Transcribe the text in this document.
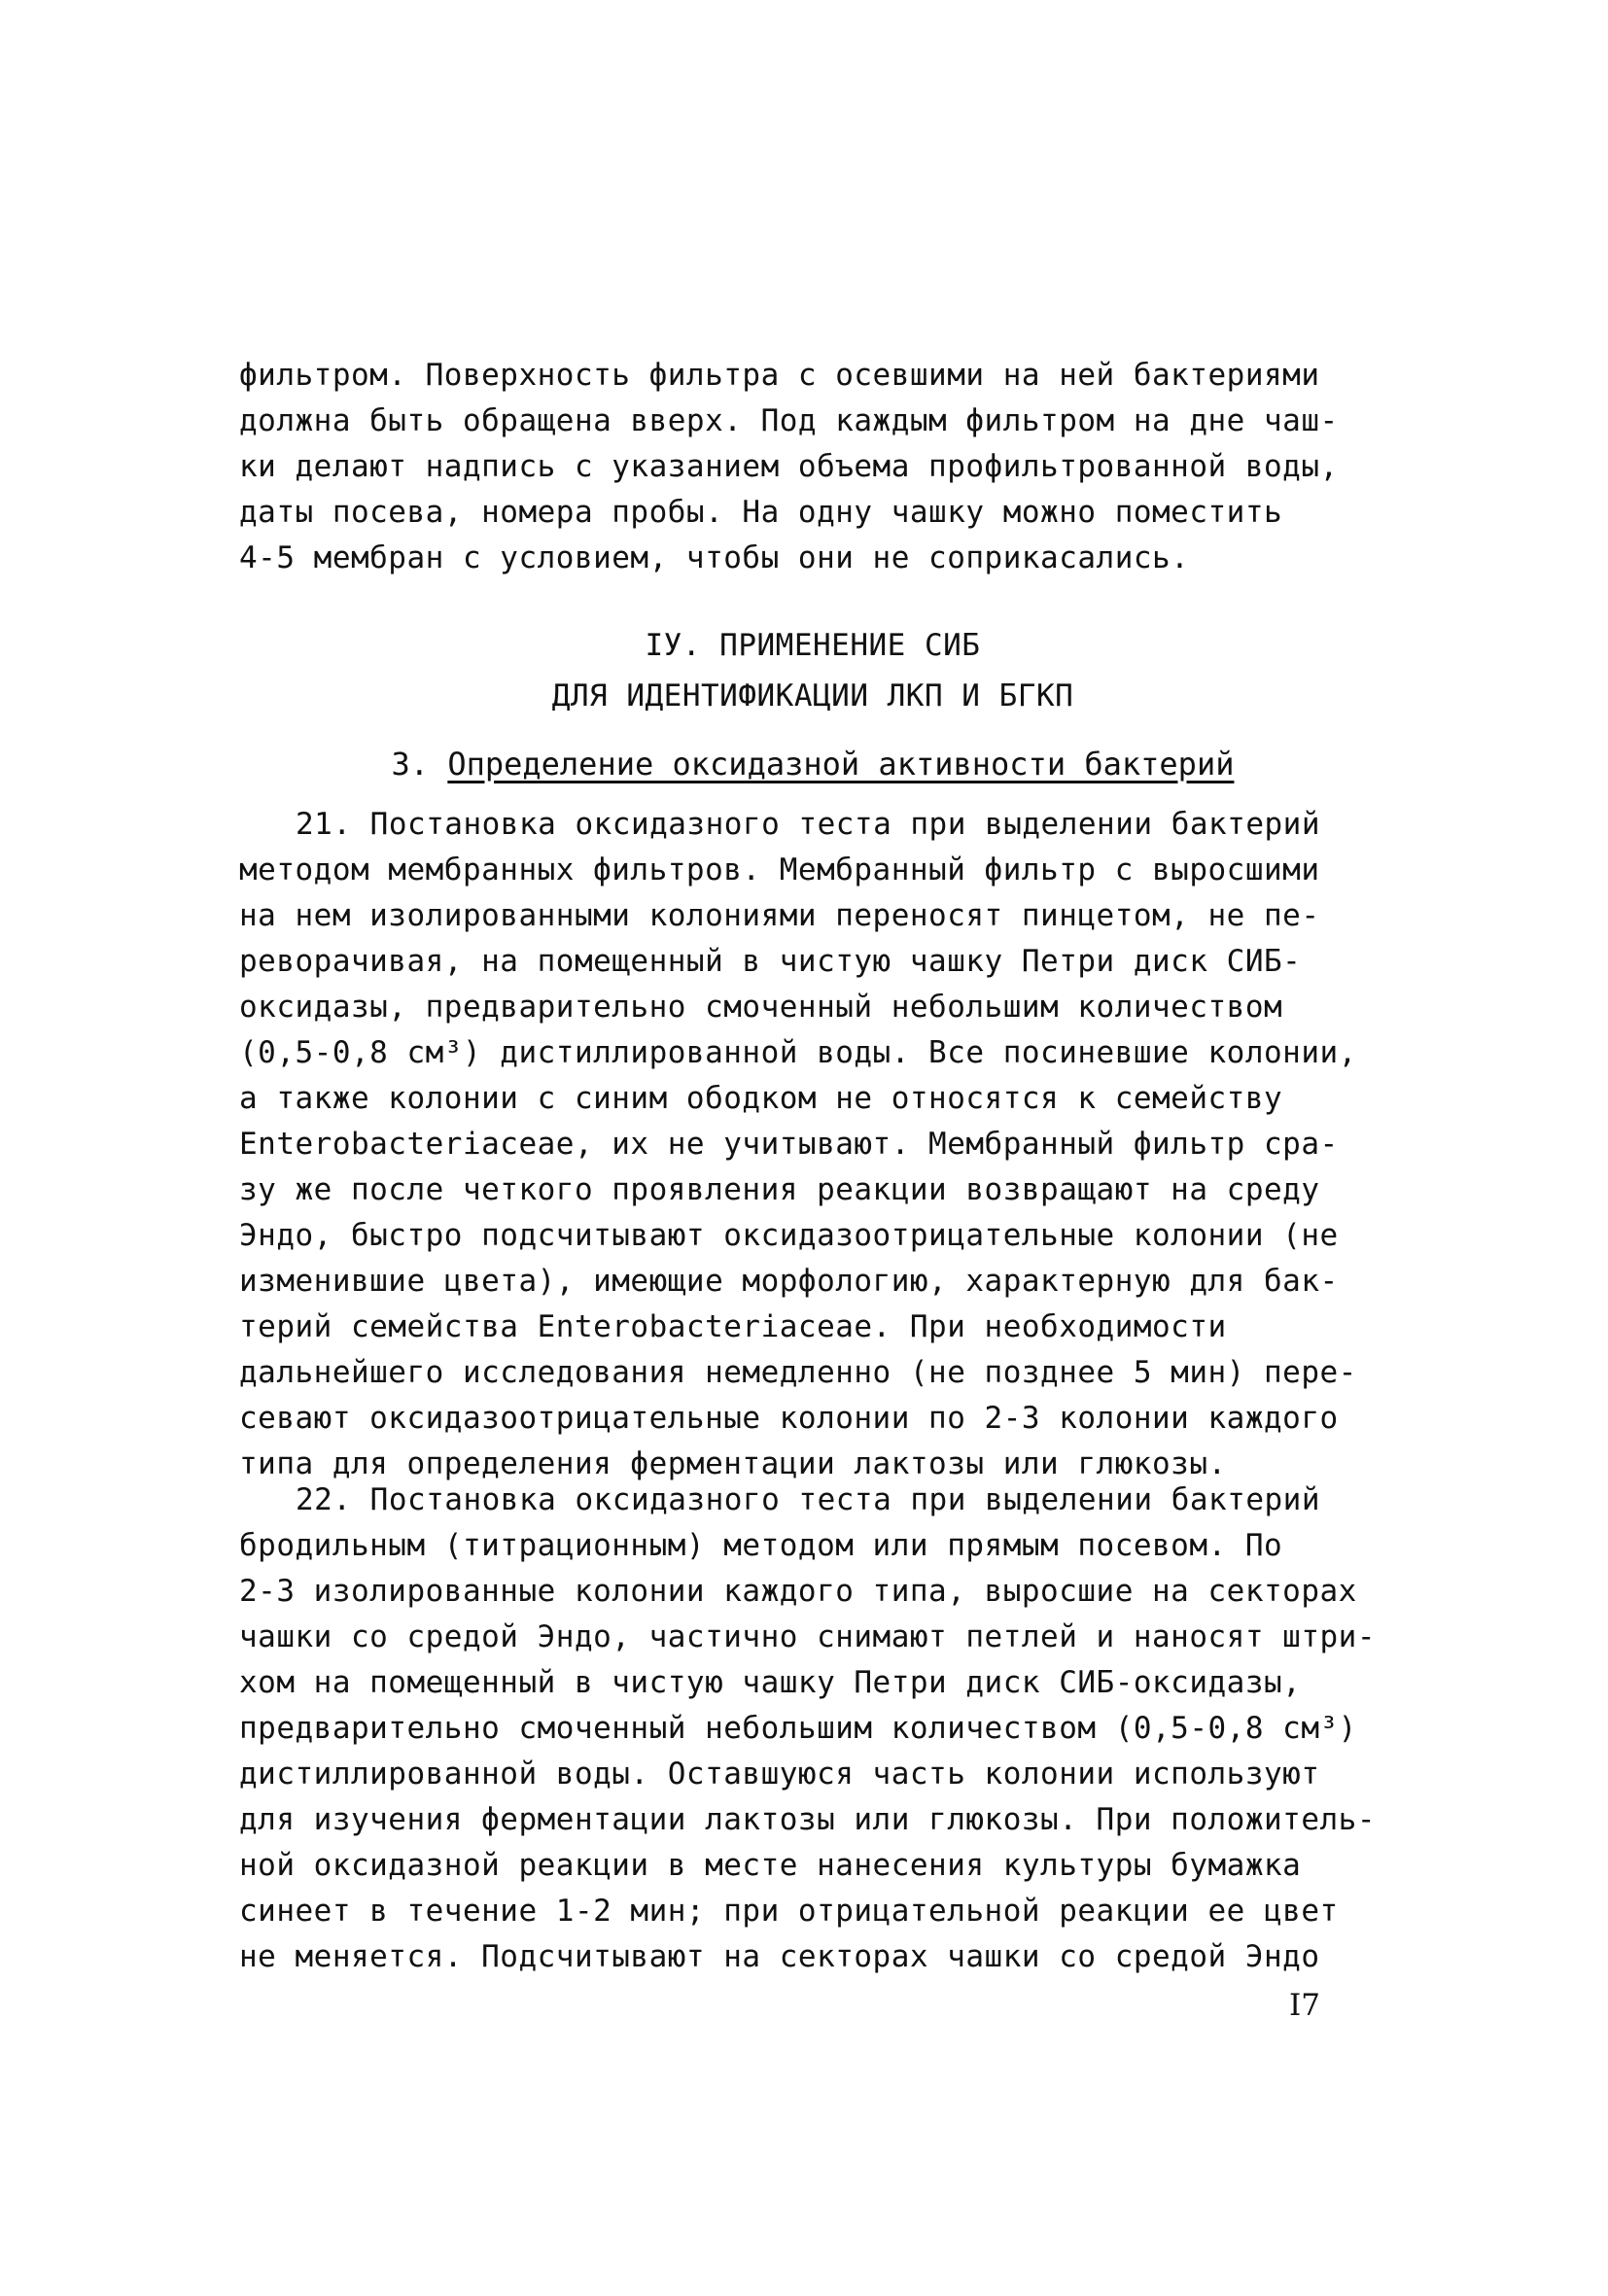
фильтром. Поверхность фильтра с осевшими на ней бактериями
должна быть обращена вверх. Под каждым фильтром на дне чаш-
ки делают надпись с указанием объема профильтрованной воды,
даты посева, номера пробы. На одну чашку можно поместить
4-5 мембран с условием, чтобы они не соприкасались.
IУ. ПРИМЕНЕНИЕ СИБ
ДЛЯ ИДЕНТИФИКАЦИИ ЛКП И БГКП
3. Определение оксидазной активности бактерий
21. Постановка оксидазного теста при выделении бактерий
методом мембранных фильтров. Мембранный фильтр с выросшими
на нем изолированными колониями переносят пинцетом, не пе-
реворачивая, на помещенный в чистую чашку Петри диск СИБ-
оксидазы, предварительно смоченный небольшим количеством
(0,5-0,8 см³) дистиллированной воды. Все посиневшие колонии,
а также колонии с синим ободком не относятся к семейству
Enterobacteriaceae, их не учитывают. Мембранный фильтр сра-
зу же после четкого проявления реакции возвращают на среду
Эндо, быстро подсчитывают оксидазоотрицательные колонии (не
изменившие цвета), имеющие морфологию, характерную для бак-
терий семейства Enterobacteriaceae. При необходимости
дальнейшего исследования немедленно (не позднее 5 мин) пере-
севают оксидазоотрицательные колонии по 2-3 колонии каждого
типа для определения ферментации лактозы или глюкозы.
22. Постановка оксидазного теста при выделении бактерий
бродильным (титрационным) методом или прямым посевом. По
2-3 изолированные колонии каждого типа, выросшие на секторах
чашки со средой Эндо, частично снимают петлей и наносят штри-
хом на помещенный в чистую чашку Петри диск СИБ-оксидазы,
предварительно смоченный небольшим количеством (0,5-0,8 см³)
дистиллированной воды. Оставшуюся часть колонии используют
для изучения ферментации лактозы или глюкозы. При положитель-
ной оксидазной реакции в месте нанесения культуры бумажка
синеет в течение 1-2 мин; при отрицательной реакции ее цвет
не меняется. Подсчитывают на секторах чашки со средой Эндо
I7
